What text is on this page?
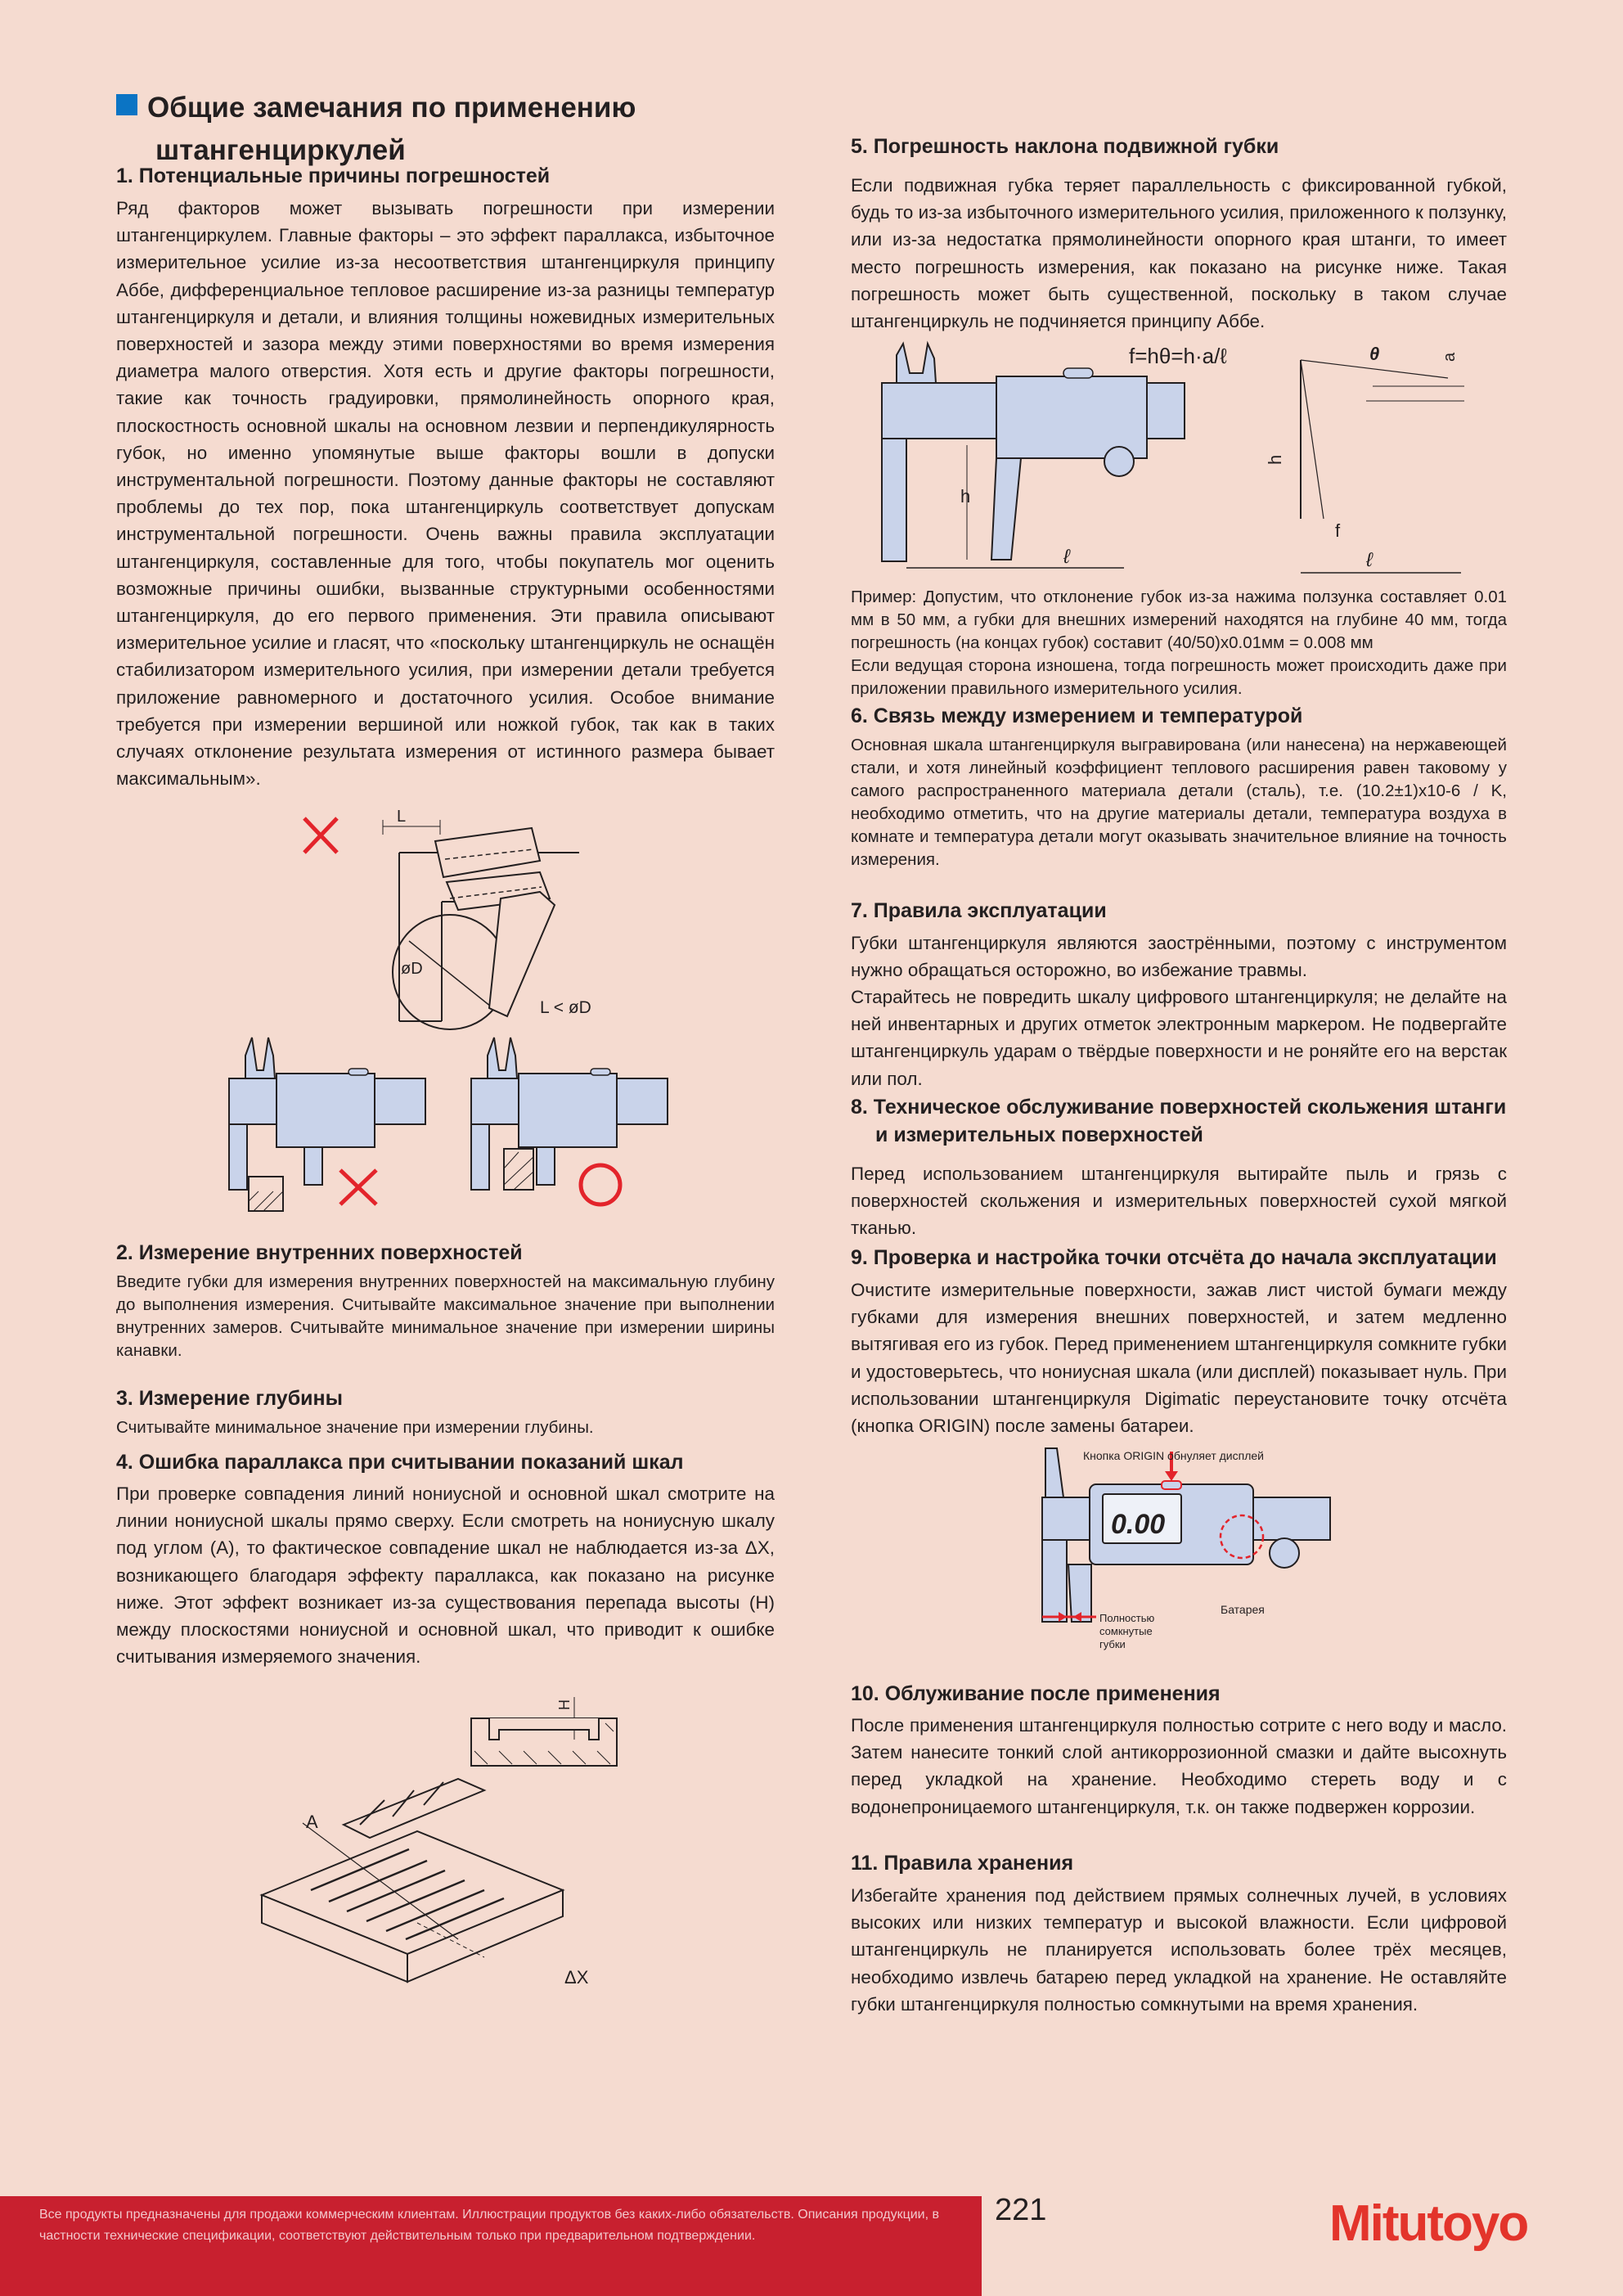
Общие замечания по применению
штангенциркулей
1. Потенциальные причины погрешностей

Ряд факторов может вызывать погрешности при измерении штангенциркулем. Главные факторы – это эффект параллакса, избыточное измерительное усилие из-за несоответствия штангенциркуля принципу Аббе, дифференциальное тепловое расширение из-за разницы температур штангенциркуля и детали, и влияния толщины ножевидных измерительных поверхностей и зазора между этими поверхностями во время измерения диаметра малого отверстия. Хотя есть и другие факторы погрешности, такие как точность градуировки, прямолинейность опорного края, плоскостность основной шкалы на основном лезвии и перпендикулярность губок, но именно упомянутые выше факторы вошли в допуски инструментальной погрешности. Поэтому данные факторы не составляют проблемы до тех пор, пока штангенциркуль соответствует допускам инструментальной погрешности. Очень важны правила эксплуатации штангенциркуля, составленные для того, чтобы покупатель мог оценить возможные причины ошибки, вызванные структурными особенностями штангенциркуля, до его первого применения. Эти правила описывают измерительное усилие и гласят, что «поскольку штангенциркуль не оснащён стабилизатором измерительного усилия, при измерении детали требуется приложение равномерного и достаточного усилия. Особое внимание требуется при измерении вершиной или ножкой губок, так как в таких случаях отклонение результата измерения от истинного размера бывает максимальным».

L
øD
L < øD
2. Измерение внутренних поверхностей

Введите губки для измерения внутренних поверхностей на максимальную глубину до выполнения измерения. Считывайте максимальное значение при выполнении внутренних замеров. Считывайте минимальное значение при измерении ширины канавки.

3. Измерение глубины

Считывайте минимальное значение при измерении глубины.

4. Ошибка параллакса при считывании показаний шкал

При проверке совпадения линий нониусной и основной шкал смотрите на линии нониусной шкалы прямо сверху. Если смотреть на нониусную шкалу под углом (A), то фактическое совпадение шкал не наблюдается из-за ΔX, возникающего благодаря эффекту параллакса, как показано на рисунке ниже. Этот эффект возникает из-за существования перепада высоты (H) между плоскостями нониусной и основной шкал, что приводит к ошибке считывания измеряемого значения.

H
A
ΔX
5. Погрешность наклона подвижной губки

Если подвижная губка теряет параллельность с фиксированной губкой, будь то из-за избыточного измерительного усилия, приложенного к ползунку, или из-за недостатка прямолинейности опорного края штанги, то имеет место погрешность измерения, как показано на рисунке ниже. Такая погрешность может быть существенной, поскольку в таком случае штангенциркуль не подчиняется принципу Аббе.

h
ℓ
f=hθ=h·a/ℓ	θ	a
h
f
ℓ

Пример: Допустим, что отклонение губок из-за нажима ползунка составляет 0.01 мм в 50 мм, а губки для внешних измерений находятся на глубине 40 мм, тогда погрешность (на концах губок) составит (40/50)x0.01мм = 0.008 мм

Если ведущая сторона изношена, тогда погрешность может происходить даже при приложении правильного измерительного усилия.

6. Связь между измерением и температурой

Основная шкала штангенциркуля выгравирована (или нанесена) на нержавеющей стали, и хотя линейный коэффициент теплового расширения равен таковому у самого распространенного материала детали (сталь), т.е. (10.2±1)x10-6 / K, необходимо отметить, что на другие материалы детали, температура воздуха в комнате и температура детали могут оказывать значительное влияние на точность измерения.

7. Правила эксплуатации

Губки штангенциркуля являются заострёнными, поэтому с инструментом нужно обращаться осторожно, во избежание травмы.

Старайтесь не повредить шкалу цифрового штангенциркуля; не делайте на ней инвентарных и других отметок электронным маркером. Не подвергайте штангенциркуль ударам о твёрдые поверхности и не роняйте его на верстак или пол.

8. Техническое обслуживание поверхностей скольжения штанги
и измерительных поверхностей

Перед использованием штангенциркуля вытирайте пыль и грязь с поверхностей скольжения и измерительных поверхностей сухой мягкой тканью.

9. Проверка и настройка точки отсчёта до начала эксплуатации

Очистите измерительные поверхности, зажав лист чистой бумаги между губками для измерения внешних поверхностей, и затем медленно вытягивая его из губок. Перед применением штангенциркуля сомкните губки и удостоверьтесь, что нониусная шкала (или дисплей) показывает нуль. При использовании штангенциркуля Digimatic переустановите точку отсчёта (кнопка ORIGIN) после замены батареи.

0.00
Кнопка ORIGIN обнуляет дисплей
Батарея
Полностью сомкнутые губки
10. Облуживание после применения

После применения штангенциркуля полностью сотрите с него воду и масло. Затем нанесите тонкий слой антикоррозионной смазки и дайте высохнуть перед укладкой на хранение. Необходимо стереть воду и с водонепроницаемого штангенциркуля, т.к. он также подвержен коррозии.

11. Правила хранения

Избегайте хранения под действием прямых солнечных лучей, в условиях высоких или низких температур и высокой влажности. Если цифровой штангенциркуль не планируется использовать более трёх месяцев, необходимо извлечь батарею перед укладкой на хранение. Не оставляйте губки штангенциркуля полностью сомкнутыми на время хранения.

Все продукты предназначены для продажи коммерческим клиентам. Иллюстрации продуктов без каких-либо обязательств. Описания продукции, в частности технические спецификации, соответствуют действительным только при предварительном подтверждении.
221	Mitutoyo
